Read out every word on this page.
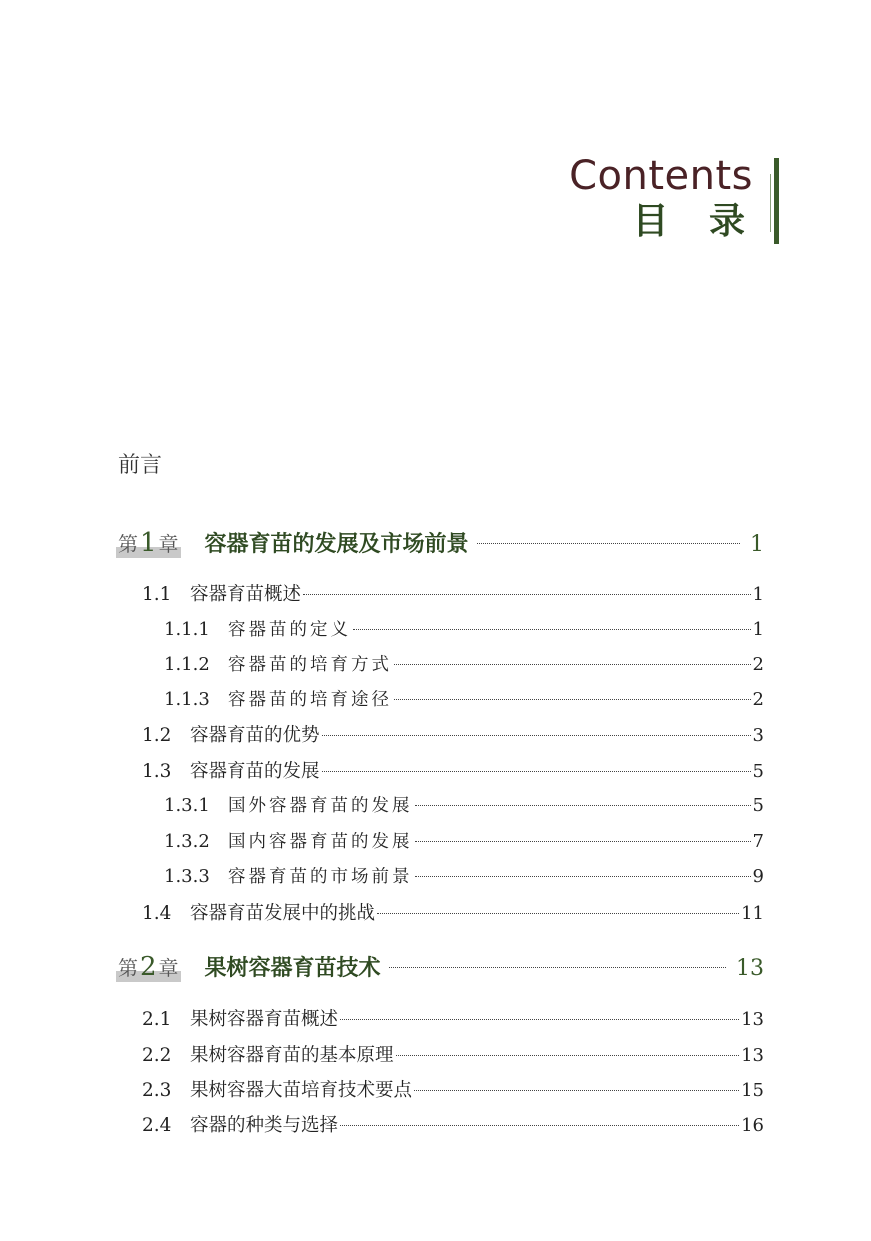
Contents
目 录
前言
第1 章 容器育苗的发展及市场前景	1
1.1	容器育苗概述	1
1.1.1	容器苗的定义	1
1.1.2	容器苗的培育方式	2
1.1.3	容器苗的培育途径	2
1.2	容器育苗的优势	3
1.3	容器育苗的发展	5
1.3.1	国外容器育苗的发展	5
1.3.2	国内容器育苗的发展	7
1.3.3	容器育苗的市场前景	9
1.4	容器育苗发展中的挑战	11
第2 章 果树容器育苗技术	13
2.1	果树容器育苗概述	13
2.2	果树容器育苗的基本原理	13
2.3	果树容器大苗培育技术要点	15
2.4	容器的种类与选择	16
